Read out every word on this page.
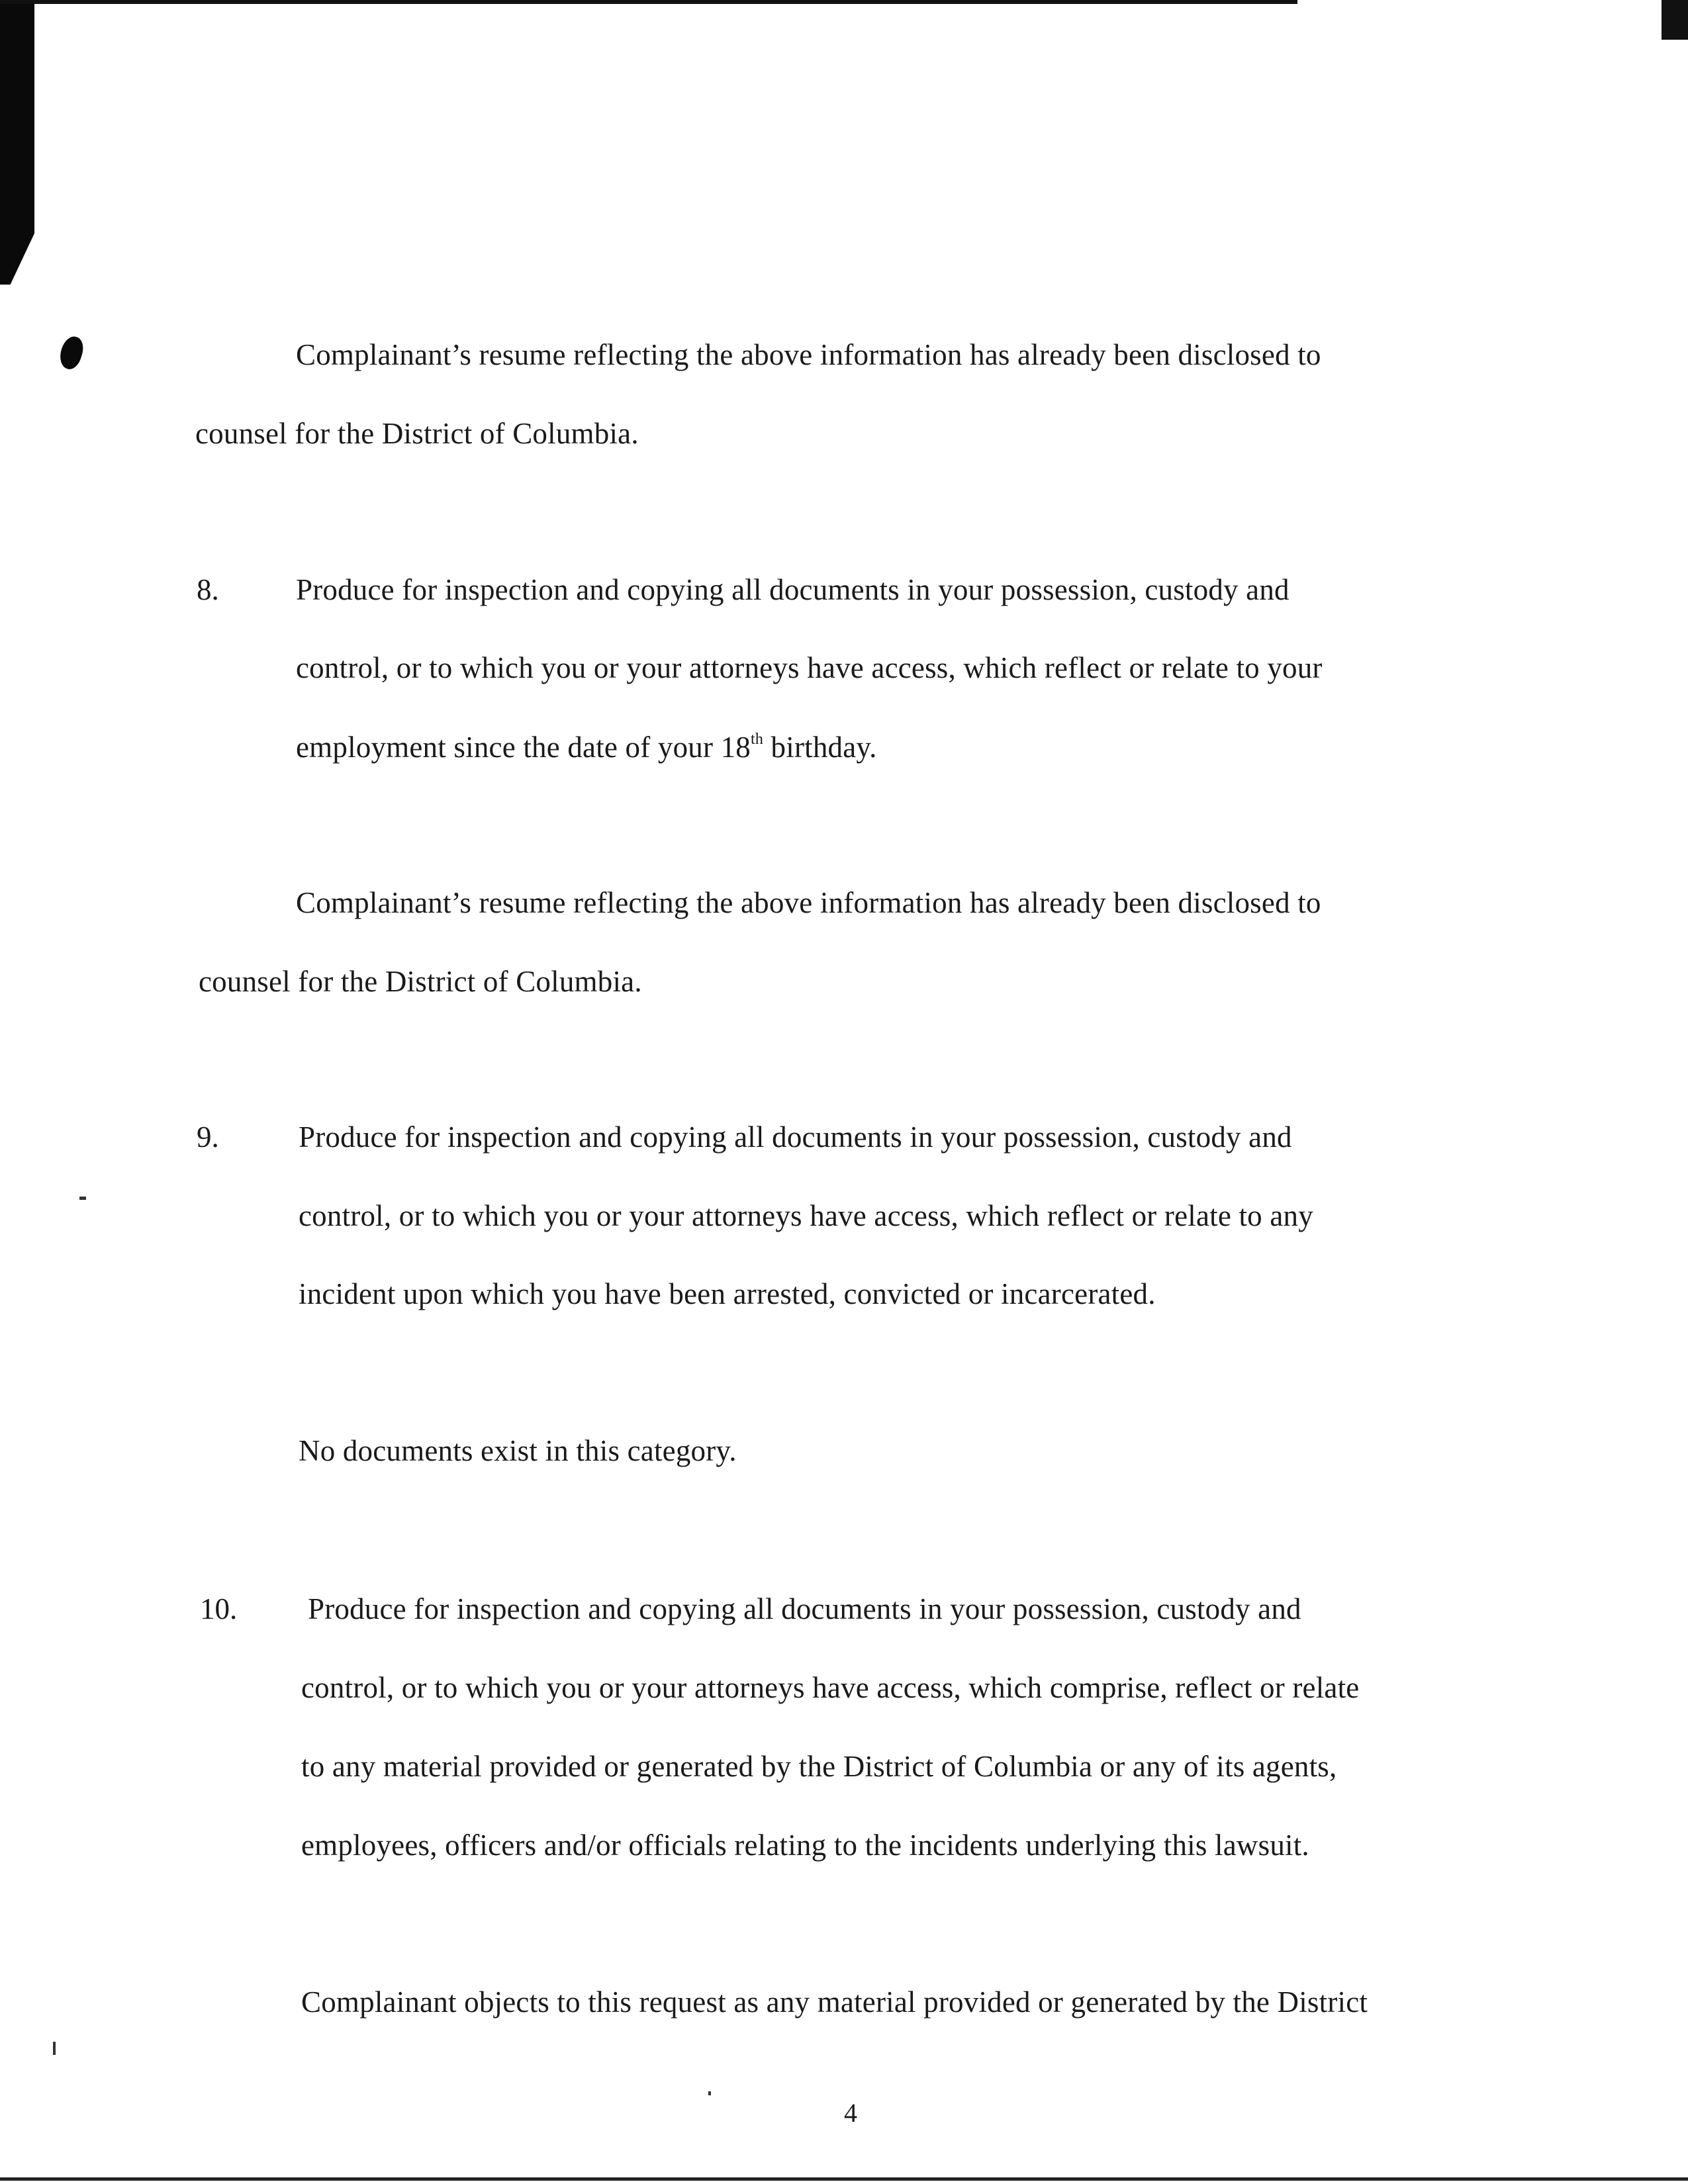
Complainant’s resume reflecting the above information has already been disclosed to
counsel for the District of Columbia.
8.	Produce for inspection and copying all documents in your possession, custody and
control, or to which you or your attorneys have access, which reflect or relate to your
employment since the date of your 18th birthday.
Complainant’s resume reflecting the above information has already been disclosed to
counsel for the District of Columbia.
9.	Produce for inspection and copying all documents in your possession, custody and
control, or to which you or your attorneys have access, which reflect or relate to any
incident upon which you have been arrested, convicted or incarcerated.
No documents exist in this category.
10. Produce for inspection and copying all documents in your possession, custody and
control, or to which you or your attorneys have access, which comprise, reflect or relate
to any material provided or generated by the District of Columbia or any of its agents,
employees, officers and/or officials relating to the incidents underlying this lawsuit.
Complainant objects to this request as any material provided or generated by the District
4
